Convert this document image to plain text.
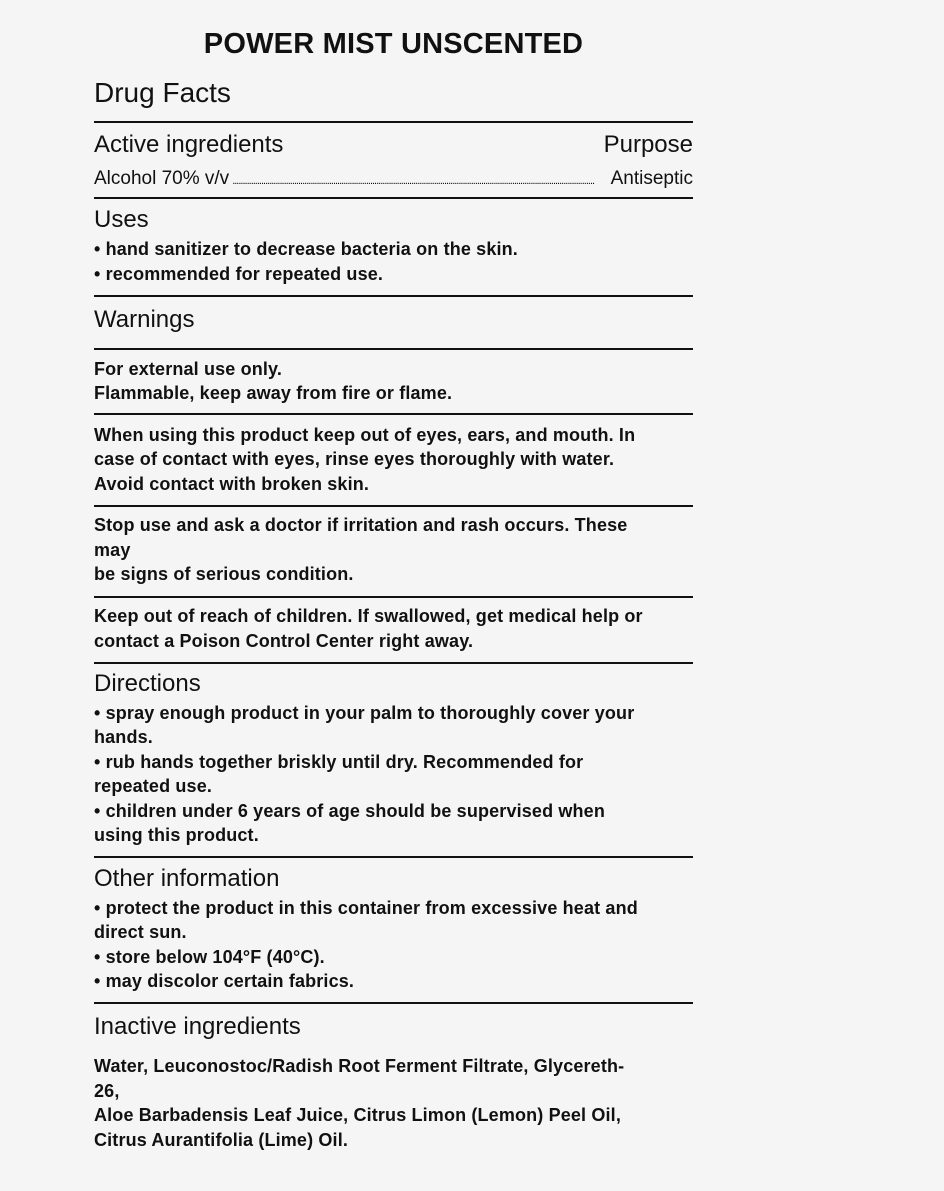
POWER MIST UNSCENTED
Drug Facts
Active ingredients	Purpose
Alcohol 70% v/v ................................................................................................................................................................................ Antiseptic
Uses
• hand sanitizer to decrease bacteria on the skin.
• recommended for repeated use.
Warnings
For external use only.
Flammable, keep away from fire or flame.
When using this product keep out of eyes, ears, and mouth. In
case of contact with eyes, rinse eyes thoroughly with water.
Avoid contact with broken skin.
Stop use and ask a doctor if irritation and rash occurs. These
may
be signs of serious condition.
Keep out of reach of children. If swallowed, get medical help or
contact a Poison Control Center right away.
Directions
• spray enough product in your palm to thoroughly cover your
hands.
• rub hands together briskly until dry. Recommended for
repeated use.
• children under 6 years of age should be supervised when
using this product.
Other information
• protect the product in this container from excessive heat and
direct sun.
• store below 104°F (40°C).
• may discolor certain fabrics.
Inactive ingredients
Water, Leuconostoc/Radish Root Ferment Filtrate, Glycereth-
26,
Aloe Barbadensis Leaf Juice, Citrus Limon (Lemon) Peel Oil,
Citrus Aurantifolia (Lime) Oil.
